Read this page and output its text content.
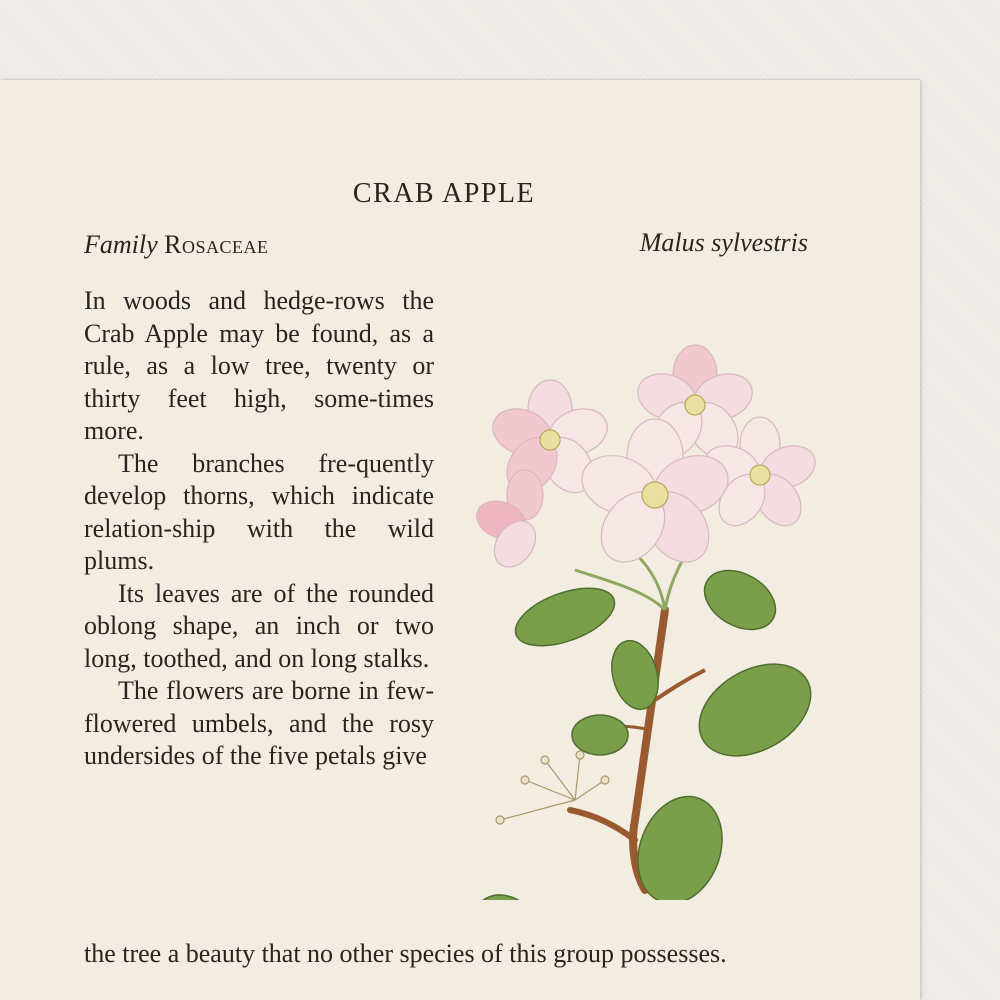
CRAB APPLE
Family Rosaceae	Malus sylvestris

In woods and hedge-rows the Crab Apple may be found, as a rule, as a low tree, twenty or thirty feet high, some-times more.

The branches fre-quently develop thorns, which indicate relation-ship with the wild plums.

Its leaves are of the rounded oblong shape, an inch or two long, toothed, and on long stalks.

The flowers are borne in few-flowered umbels, and the rosy undersides of the five petals give

the tree a beauty that no other species of this group possesses.
